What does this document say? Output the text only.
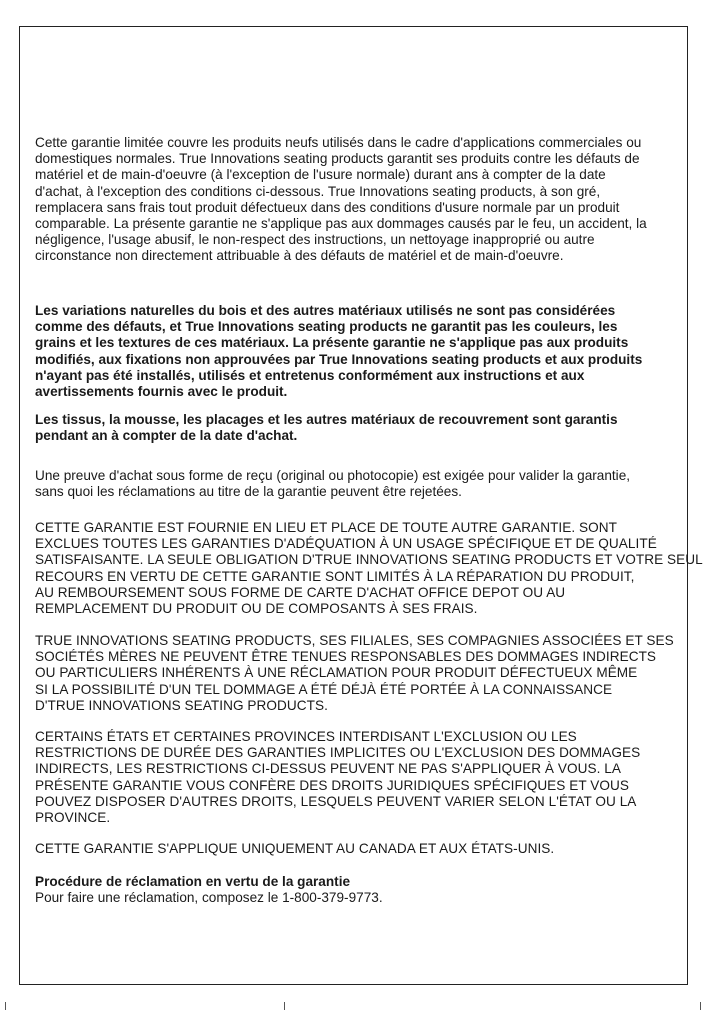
Cette garantie limitée couvre les produits neufs utilisés dans le cadre d'applications commerciales ou
domestiques normales. True Innovations seating products garantit ses produits contre les défauts de
matériel et de main-d'oeuvre (à l'exception de l'usure normale) durant ans à compter de la date
d'achat, à l'exception des conditions ci-dessous. True Innovations seating products, à son gré,
remplacera sans frais tout produit défectueux dans des conditions d'usure normale par un produit
comparable. La présente garantie ne s'applique pas aux dommages causés par le feu, un accident, la
négligence, l'usage abusif, le non-respect des instructions, un nettoyage inapproprié ou autre
circonstance non directement attribuable à des défauts de matériel et de main-d'oeuvre.
Les variations naturelles du bois et des autres matériaux utilisés ne sont pas considérées
comme des défauts, et True Innovations seating products ne garantit pas les couleurs, les
grains et les textures de ces matériaux. La présente garantie ne s'applique pas aux produits
modifiés, aux fixations non approuvées par True Innovations seating products et aux produits
n'ayant pas été installés, utilisés et entretenus conformément aux instructions et aux
avertissements fournis avec le produit.
Les tissus, la mousse, les placages et les autres matériaux de recouvrement sont garantis
pendant an à compter de la date d'achat.
Une preuve d'achat sous forme de reçu (original ou photocopie) est exigée pour valider la garantie,
sans quoi les réclamations au titre de la garantie peuvent être rejetées.
CETTE GARANTIE EST FOURNIE EN LIEU ET PLACE DE TOUTE AUTRE GARANTIE. SONT
EXCLUES TOUTES LES GARANTIES D'ADÉQUATION À UN USAGE SPÉCIFIQUE ET DE QUALITÉ
SATISFAISANTE. LA SEULE OBLIGATION D'TRUE INNOVATIONS SEATING PRODUCTS ET VOTRE SEUL
RECOURS EN VERTU DE CETTE GARANTIE SONT LIMITÉS À LA RÉPARATION DU PRODUIT,
AU REMBOURSEMENT SOUS FORME DE CARTE D'ACHAT OFFICE DEPOT OU AU
REMPLACEMENT DU PRODUIT OU DE COMPOSANTS À SES FRAIS.
TRUE INNOVATIONS SEATING PRODUCTS, SES FILIALES, SES COMPAGNIES ASSOCIÉES ET SES
SOCIÉTÉS MÈRES NE PEUVENT ÊTRE TENUES RESPONSABLES DES DOMMAGES INDIRECTS
OU PARTICULIERS INHÉRENTS À UNE RÉCLAMATION POUR PRODUIT DÉFECTUEUX MÊME
SI LA POSSIBILITÉ D'UN TEL DOMMAGE A ÉTÉ DÉJÀ ÉTÉ PORTÉE À LA CONNAISSANCE
D'TRUE INNOVATIONS SEATING PRODUCTS.
CERTAINS ÉTATS ET CERTAINES PROVINCES INTERDISANT L'EXCLUSION OU LES
RESTRICTIONS DE DURÉE DES GARANTIES IMPLICITES OU L'EXCLUSION DES DOMMAGES
INDIRECTS, LES RESTRICTIONS CI-DESSUS PEUVENT NE PAS S'APPLIQUER À VOUS. LA
PRÉSENTE GARANTIE VOUS CONFÈRE DES DROITS JURIDIQUES SPÉCIFIQUES ET VOUS
POUVEZ DISPOSER D'AUTRES DROITS, LESQUELS PEUVENT VARIER SELON L'ÉTAT OU LA
PROVINCE.
CETTE GARANTIE S'APPLIQUE UNIQUEMENT AU CANADA ET AUX ÉTATS-UNIS.
Procédure de réclamation en vertu de la garantie
Pour faire une réclamation, composez le 1-800-379-9773.
